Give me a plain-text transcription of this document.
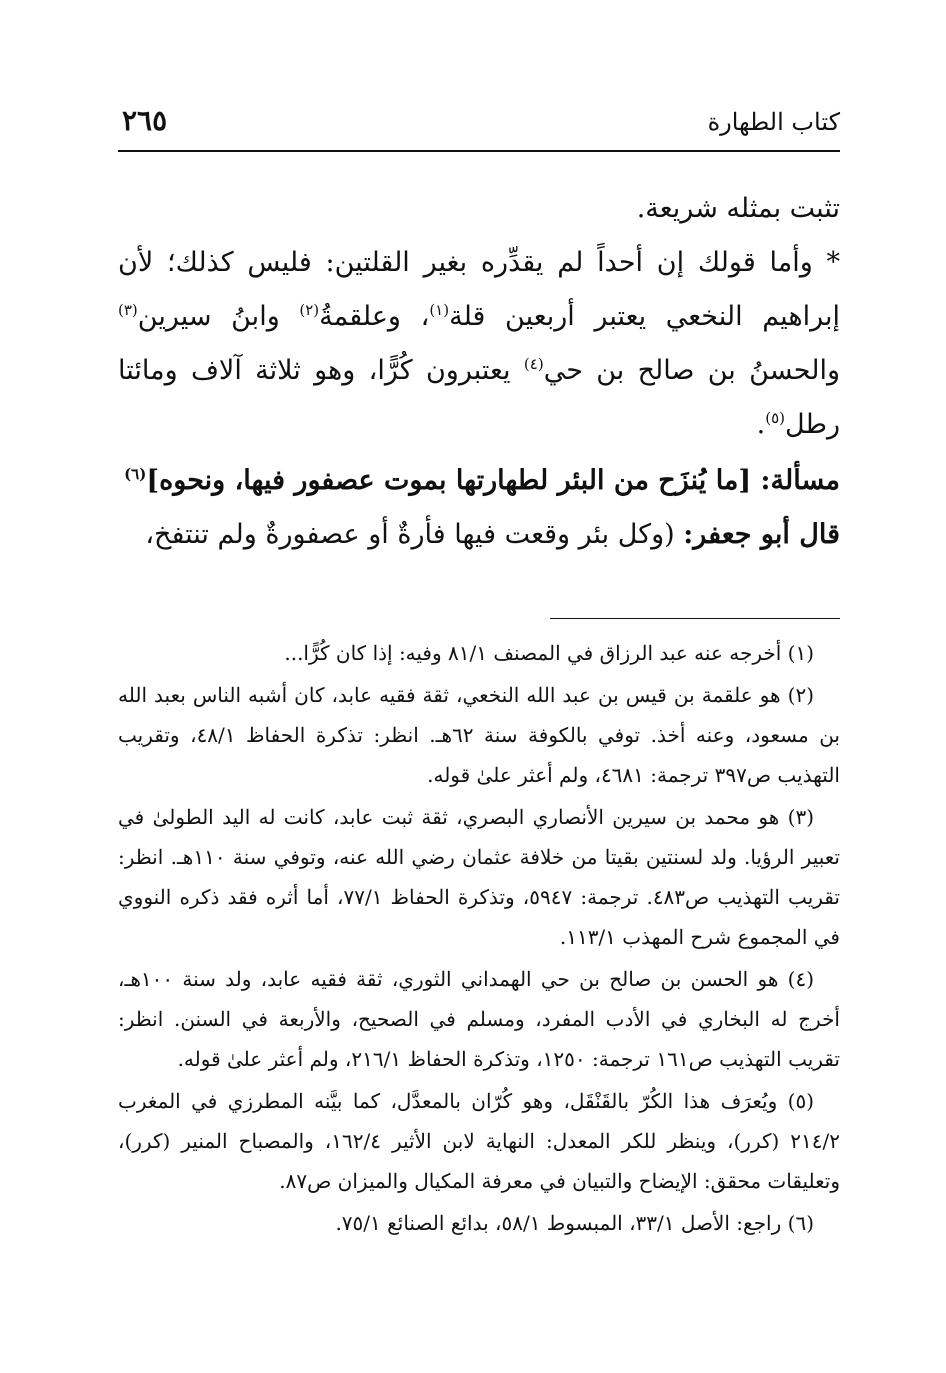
كتاب الطهارة
٢٦٥

تثبت بمثله شريعة.

* وأما قولك إن أحداً لم يقدِّره بغير القلتين: فليس كذلك؛ لأن إبراهيم النخعي يعتبر أربعين قلة$^{(١)}$، وعلقمةُ$^{(٢)}$ وابنُ سيرين$^{(٣)}$ والحسنُ بن صالح بن حي$^{(٤)}$ يعتبرون كُرًّا، وهو ثلاثة آلاف ومائتا رطل$^{(٥)}$.

مسألة: [ما يُنزَح من البئر لطهارتها بموت عصفور فيها، ونحوه]$^{(٦)}$

قال أبو جعفر: (وكل بئر وقعت فيها فأرةٌ أو عصفورةٌ ولم تنتفخ،

(١) أخرجه عنه عبد الرزاق في المصنف ٨١/١ وفيه: إذا كان كُرًّا...

(٢) هو علقمة بن قيس بن عبد الله النخعي، ثقة فقيه عابد، كان أشبه الناس بعبد الله بن مسعود، وعنه أخذ. توفي بالكوفة سنة ٦٢هـ. انظر: تذكرة الحفاظ ٤٨/١، وتقريب التهذيب ص٣٩٧ ترجمة: ٤٦٨١، ولم أعثر علىٰ قوله.

(٣) هو محمد بن سيرين الأنصاري البصري، ثقة ثبت عابد، كانت له اليد الطولىٰ في تعبير الرؤيا. ولد لسنتين بقيتا من خلافة عثمان رضي الله عنه، وتوفي سنة ١١٠هـ. انظر: تقريب التهذيب ص٤٨٣. ترجمة: ٥٩٤٧، وتذكرة الحفاظ ٧٧/١، أما أثره فقد ذكره النووي في المجموع شرح المهذب ١١٣/١.

(٤) هو الحسن بن صالح بن حي الهمداني الثوري، ثقة فقيه عابد، ولد سنة ١٠٠هـ، أخرج له البخاري في الأدب المفرد، ومسلم في الصحيح، والأربعة في السنن. انظر: تقريب التهذيب ص١٦١ ترجمة: ١٢٥٠، وتذكرة الحفاظ ٢١٦/١، ولم أعثر علىٰ قوله.

(٥) ويُعرَف هذا الكُرّ بالقَنْقَل، وهو كُرّان بالمعدَّل، كما بيَّنه المطرزي في المغرب ٢١٤/٢ (كرر)، وينظر للكر المعدل: النهاية لابن الأثير ١٦٢/٤، والمصباح المنير (كرر)، وتعليقات محقق: الإيضاح والتبيان في معرفة المكيال والميزان ص٨٧.

(٦) راجع: الأصل ٣٣/١، المبسوط ٥٨/١، بدائع الصنائع ٧٥/١.
